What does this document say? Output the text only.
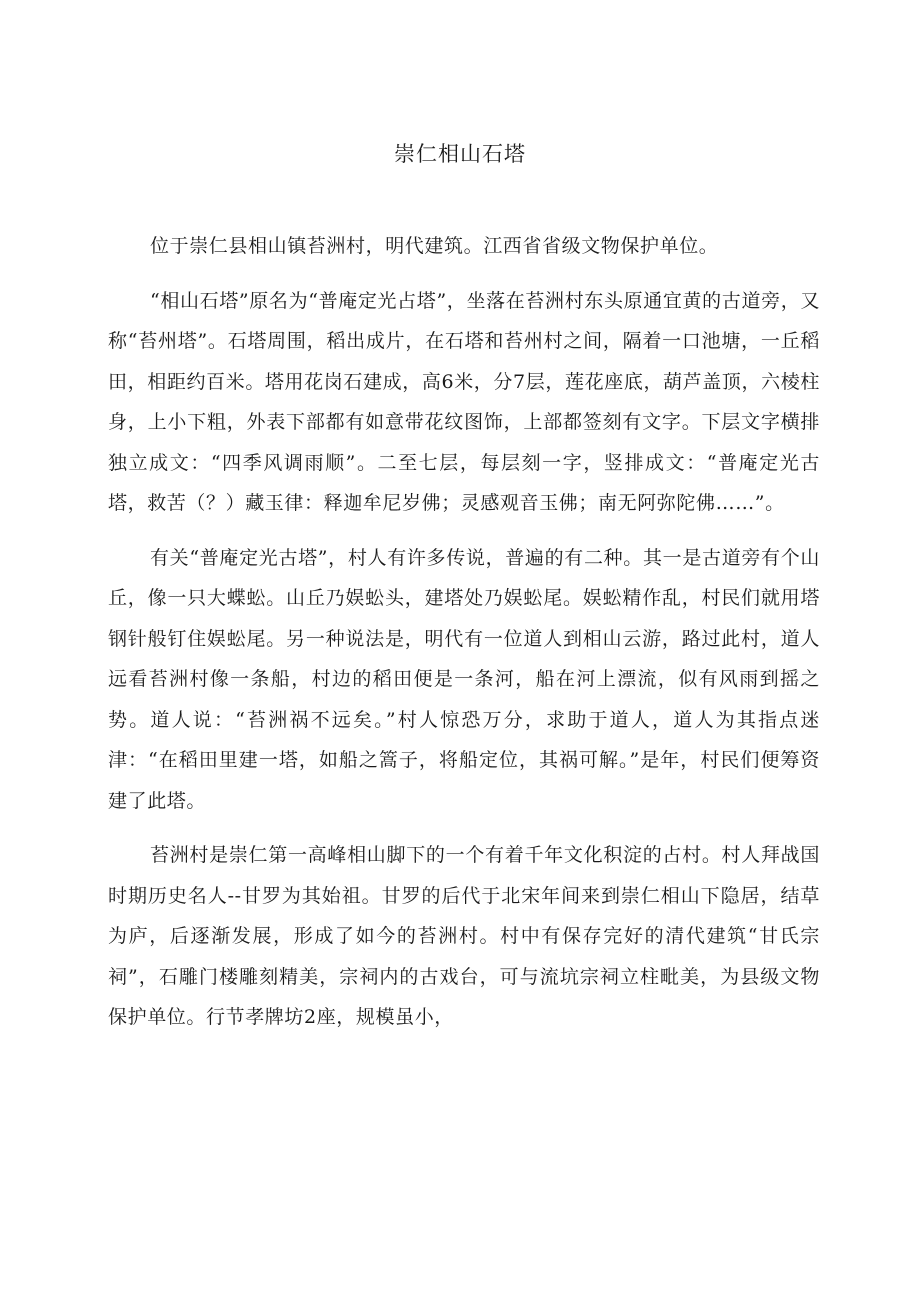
崇仁相山石塔

位于崇仁县相山镇苔洲村，明代建筑。江西省省级文物保护单位。

“相山石塔”原名为“普庵定光占塔”，坐落在苔洲村东头原通宜黄的古道旁，又称“苔州塔”。石塔周围，稻出成片，在石塔和苔州村之间，隔着一口池塘，一丘稻田，相距约百米。塔用花岗石建成，高6米，分7层，莲花座底，葫芦盖顶，六棱柱身，上小下粗，外表下部都有如意带花纹图饰，上部都签刻有文字。下层文字横排独立成文：“四季风调雨顺”。二至七层，每层刻一字，竖排成文：“普庵定光古塔，救苦（？）藏玉律：释迦牟尼岁佛；灵感观音玉佛；南无阿弥陀佛……”。

有关“普庵定光古塔”，村人有许多传说，普遍的有二种。其一是古道旁有个山丘，像一只大蝶蚣。山丘乃娱蚣头，建塔处乃娱蚣尾。娱蚣精作乱，村民们就用塔钢针般钉住娱蚣尾。另一种说法是，明代有一位道人到相山云游，路过此村，道人远看苔洲村像一条船，村边的稻田便是一条河，船在河上漂流，似有风雨到摇之势。道人说：“苔洲祸不远矣。”村人惊恐万分，求助于道人，道人为其指点迷津：“在稻田里建一塔，如船之篙子，将船定位，其祸可解。”是年，村民们便筹资建了此塔。

苔洲村是崇仁第一高峰相山脚下的一个有着千年文化积淀的占村。村人拜战国时期历史名人--甘罗为其始祖。甘罗的后代于北宋年间来到崇仁相山下隐居，结草为庐，后逐渐发展，形成了如今的苔洲村。村中有保存完好的清代建筑“甘氏宗祠”，石雕门楼雕刻精美，宗祠内的古戏台，可与流坑宗祠立柱毗美，为县级文物保护单位。行节孝牌坊2座，规模虽小，
